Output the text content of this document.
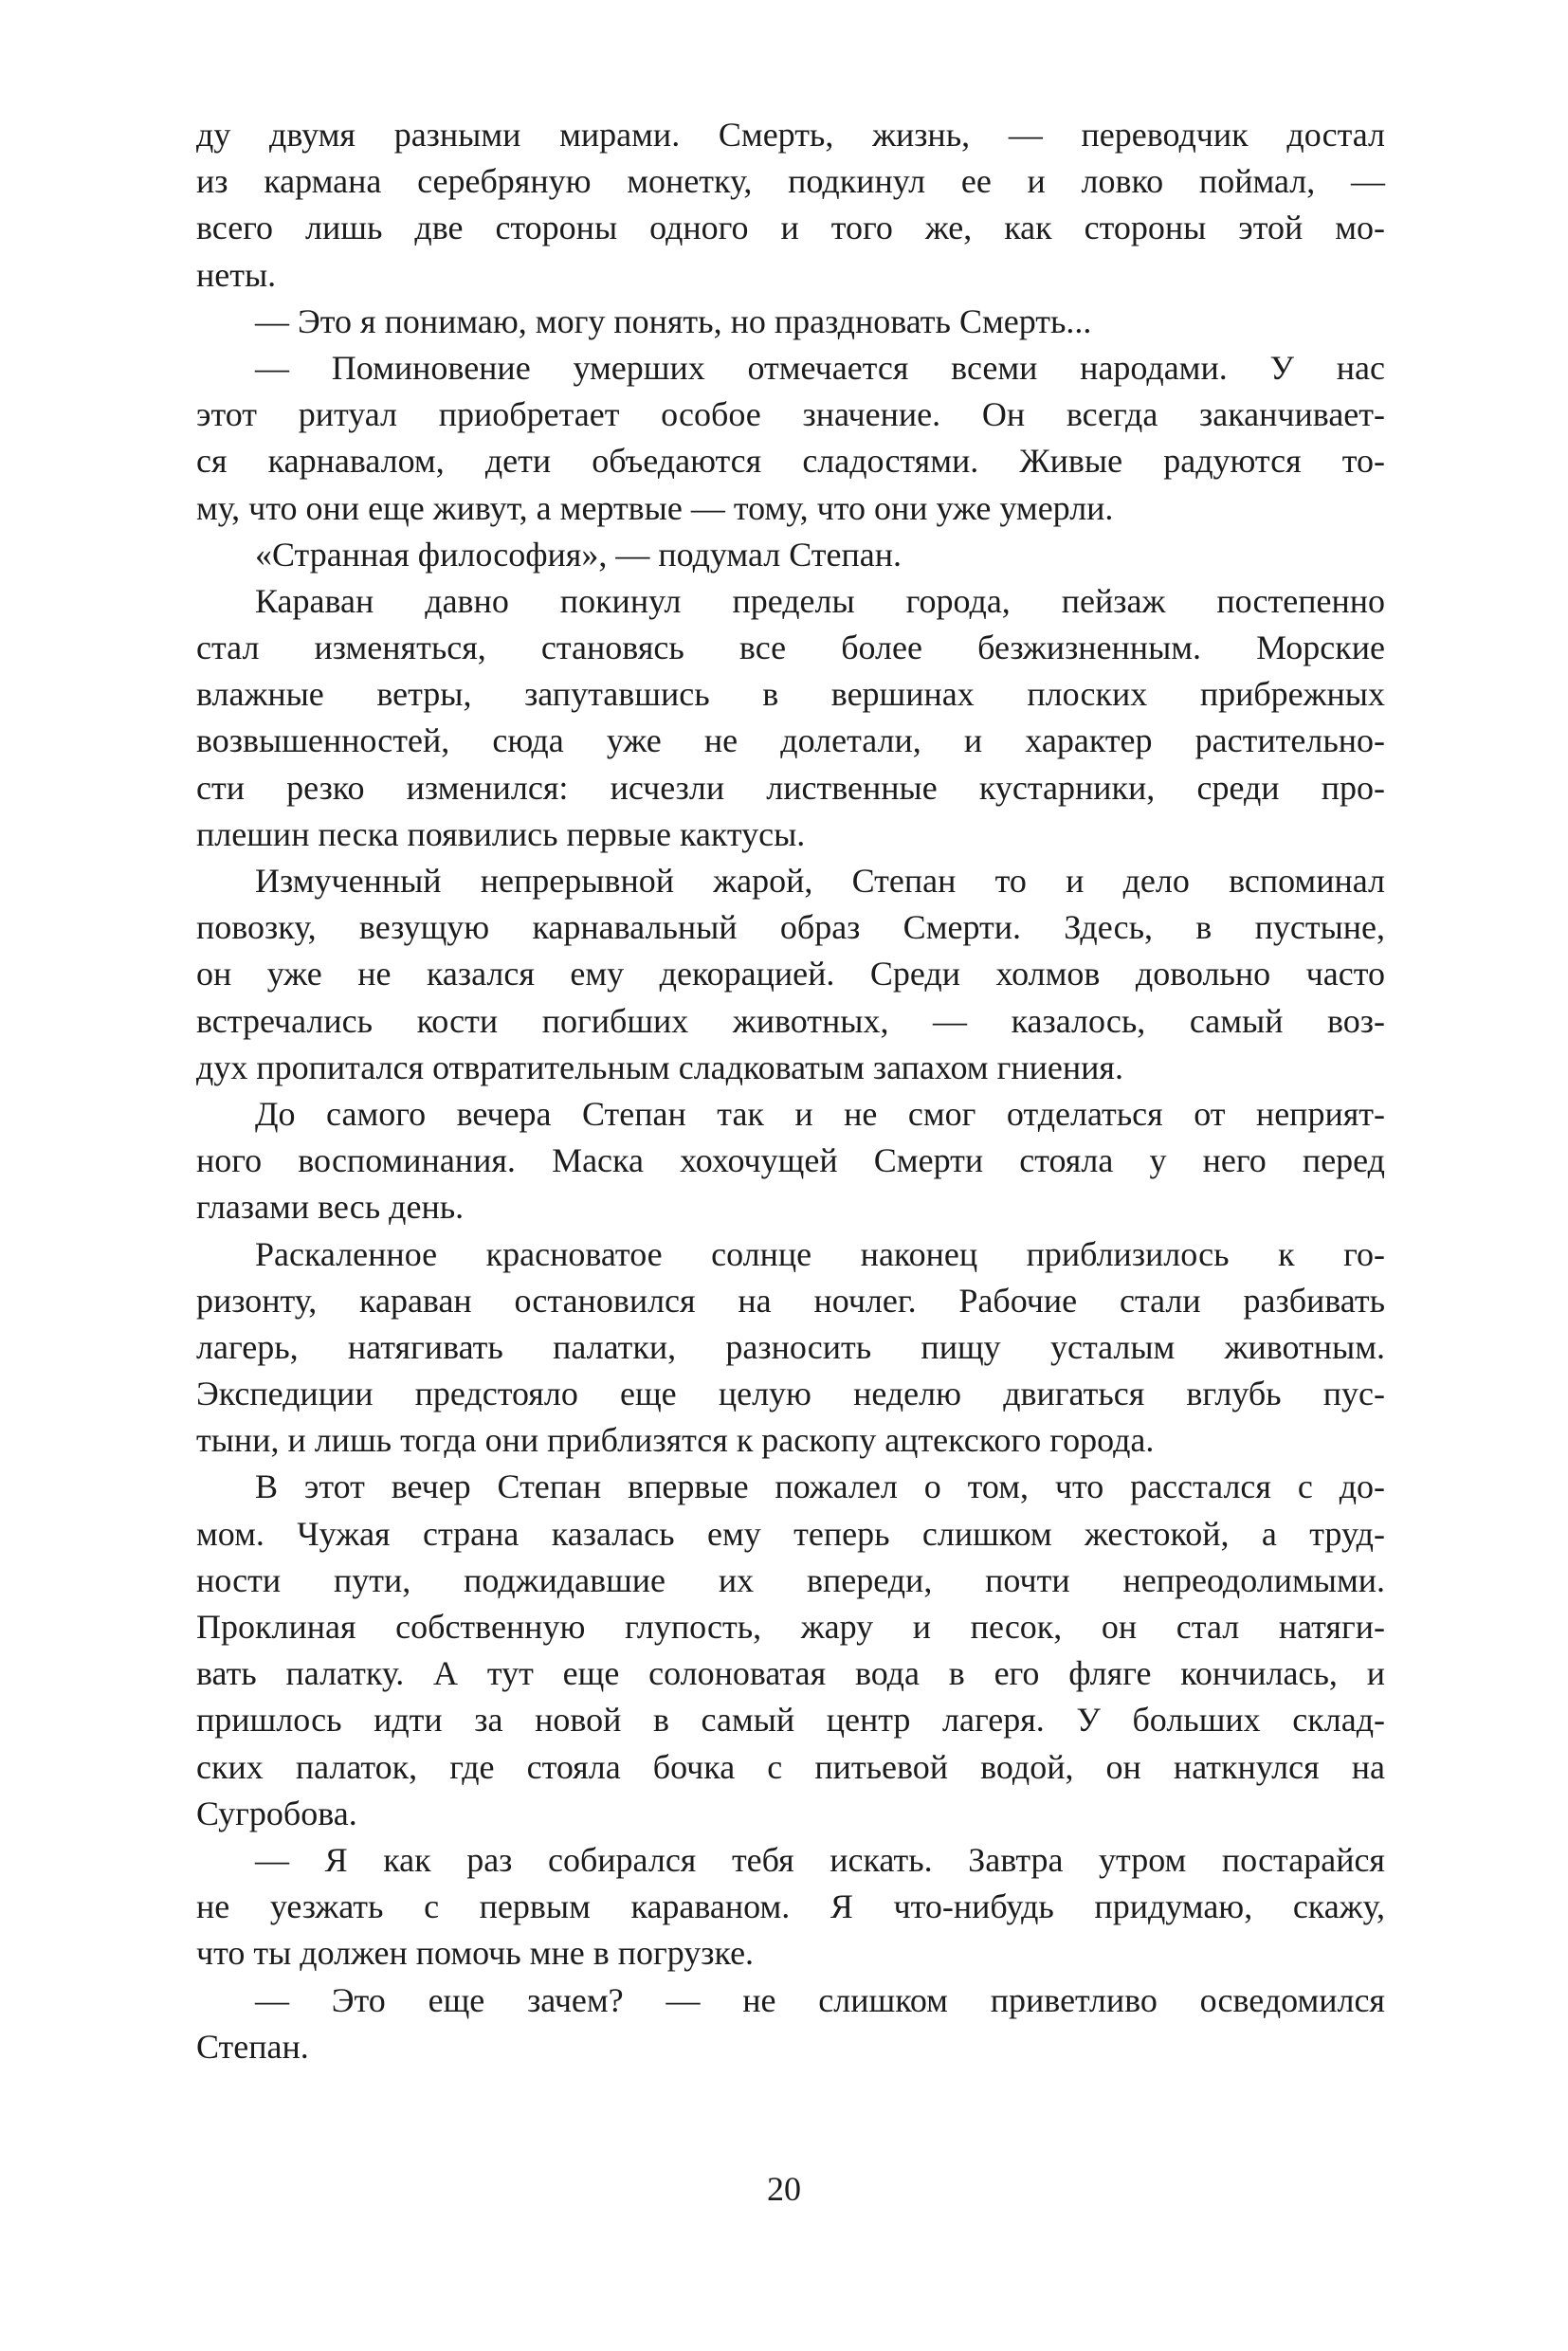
ду двумя разными мирами. Смерть, жизнь, — переводчик достал
из кармана серебряную монетку, подкинул ее и ловко поймал, —
всего лишь две стороны одного и того же, как стороны этой мо-
неты.
— Это я понимаю, могу понять, но праздновать Смерть...
— Поминовение умерших отмечается всеми народами. У нас
этот ритуал приобретает особое значение. Он всегда заканчивает-
ся карнавалом, дети объедаются сладостями. Живые радуются то-
му, что они еще живут, а мертвые — тому, что они уже умерли.
«Странная философия», — подумал Степан.
Караван давно покинул пределы города, пейзаж постепенно
стал изменяться, становясь все более безжизненным. Морские
влажные ветры, запутавшись в вершинах плоских прибрежных
возвышенностей, сюда уже не долетали, и характер растительно-
сти резко изменился: исчезли лиственные кустарники, среди про-
плешин песка появились первые кактусы.
Измученный непрерывной жарой, Степан то и дело вспоминал
повозку, везущую карнавальный образ Смерти. Здесь, в пустыне,
он уже не казался ему декорацией. Среди холмов довольно часто
встречались кости погибших животных, — казалось, самый воз-
дух пропитался отвратительным сладковатым запахом гниения.
До самого вечера Степан так и не смог отделаться от неприят-
ного воспоминания. Маска хохочущей Смерти стояла у него перед
глазами весь день.
Раскаленное красноватое солнце наконец приблизилось к го-
ризонту, караван остановился на ночлег. Рабочие стали разбивать
лагерь, натягивать палатки, разносить пищу усталым животным.
Экспедиции предстояло еще целую неделю двигаться вглубь пус-
тыни, и лишь тогда они приблизятся к раскопу ацтекского города.
В этот вечер Степан впервые пожалел о том, что расстался с до-
мом. Чужая страна казалась ему теперь слишком жестокой, а труд-
ности пути, поджидавшие их впереди, почти непреодолимыми.
Проклиная собственную глупость, жару и песок, он стал натяги-
вать палатку. А тут еще солоноватая вода в его фляге кончилась, и
пришлось идти за новой в самый центр лагеря. У больших склад-
ских палаток, где стояла бочка с питьевой водой, он наткнулся на
Сугробова.
— Я как раз собирался тебя искать. Завтра утром постарайся
не уезжать с первым караваном. Я что-нибудь придумаю, скажу,
что ты должен помочь мне в погрузке.
— Это еще зачем? — не слишком приветливо осведомился
Степан.
20
